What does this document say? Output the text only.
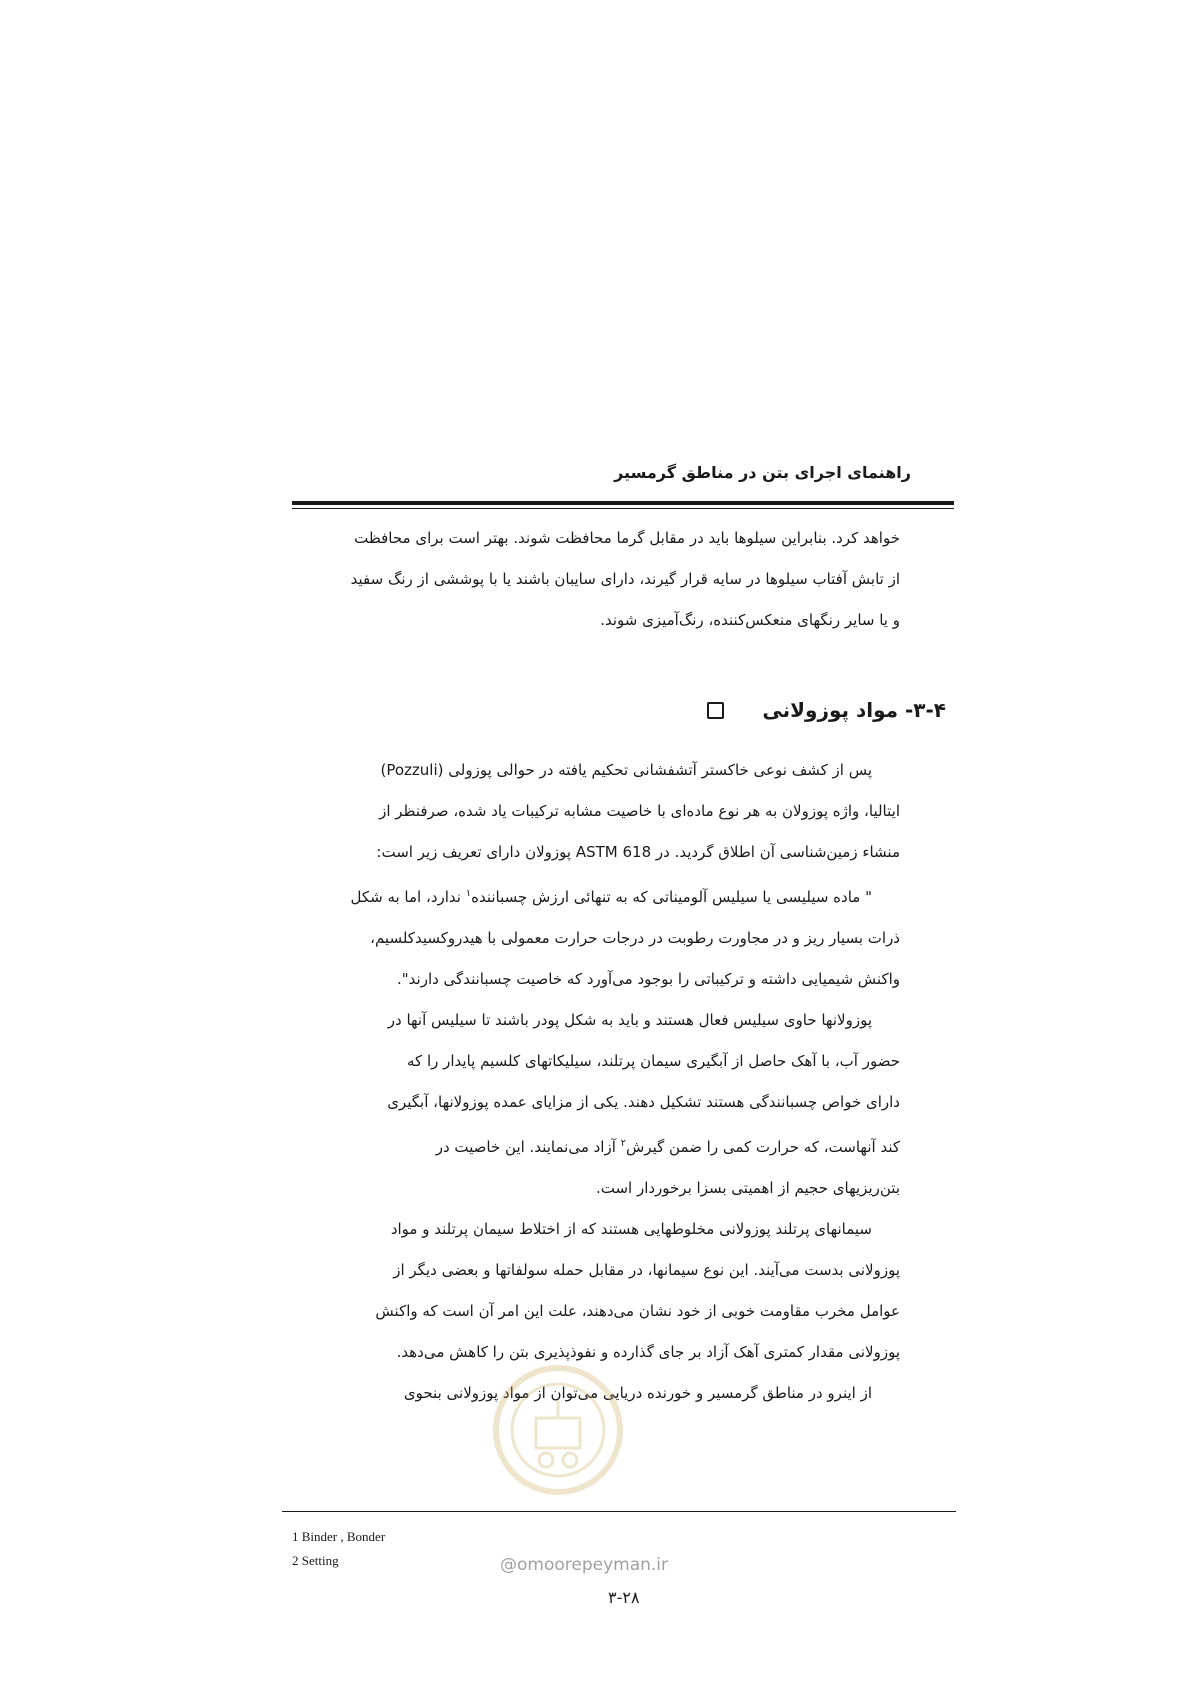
راهنمای اجرای بتن در مناطق گرمسیر

خواهد کرد. بنابراین سیلوها باید در مقابل گرما محافظت شوند. بهتر است برای محافظت

از تابش آفتاب سیلوها در سایه قرار گیرند، دارای سایبان باشند یا با پوششی از رنگ سفید

و یا سایر رنگهای منعکس‌کننده، رنگ‌آمیزی شوند.

۳-۴- مواد پوزولانی

پس از کشف نوعی خاکستر آتشفشانی تحکیم یافته در حوالی پوزولی (Pozzuli)

ایتالیا، واژه پوزولان به هر نوع ماده‌ای با خاصیت مشابه ترکیبات یاد شده، صرفنظر از

منشاء زمین‌شناسی آن اطلاق گردید. در ASTM 618 پوزولان دارای تعریف زیر است:

" ماده سیلیسی یا سیلیس آلومیناتی که به تنهائی ارزش چسباننده$^۱$ ندارد، اما به شکل

ذرات بسیار ریز و در مجاورت رطوبت در درجات حرارت معمولی با هیدروکسیدکلسیم،

واکنش شیمیایی داشته و ترکیباتی را بوجود می‌آورد که خاصیت چسبانندگی دارند".

پوزولانها حاوی سیلیس فعال هستند و باید به شکل پودر باشند تا سیلیس آنها در

حضور آب، با آهک حاصل از آبگیری سیمان پرتلند، سیلیکاتهای کلسیم پایدار را که

دارای خواص چسبانندگی هستند تشکیل دهند. یکی از مزایای عمده پوزولانها، آبگیری

کند آنهاست، که حرارت کمی را ضمن گیرش$^۲$ آزاد می‌نمایند. این خاصیت در

بتن‌ریزیهای حجیم از اهمیتی بسزا برخوردار است.

سیمانهای پرتلند پوزولانی مخلوطهایی هستند که از اختلاط سیمان پرتلند و مواد

پوزولانی بدست می‌آیند. این نوع سیمانها، در مقابل حمله سولفاتها و بعضی دیگر از

عوامل مخرب مقاومت خوبی از خود نشان می‌دهند، علت این امر آن است که واکنش

پوزولانی مقدار کمتری آهک آزاد بر جای گذارده و نفوذپذیری بتن را کاهش می‌دهد.

از اینرو در مناطق گرمسیر و خورنده دریایی می‌توان از مواد پوزولانی بنحوی

1 Binder , Bonder
2 Setting	@omoorepeyman.ir
۳-۲۸
